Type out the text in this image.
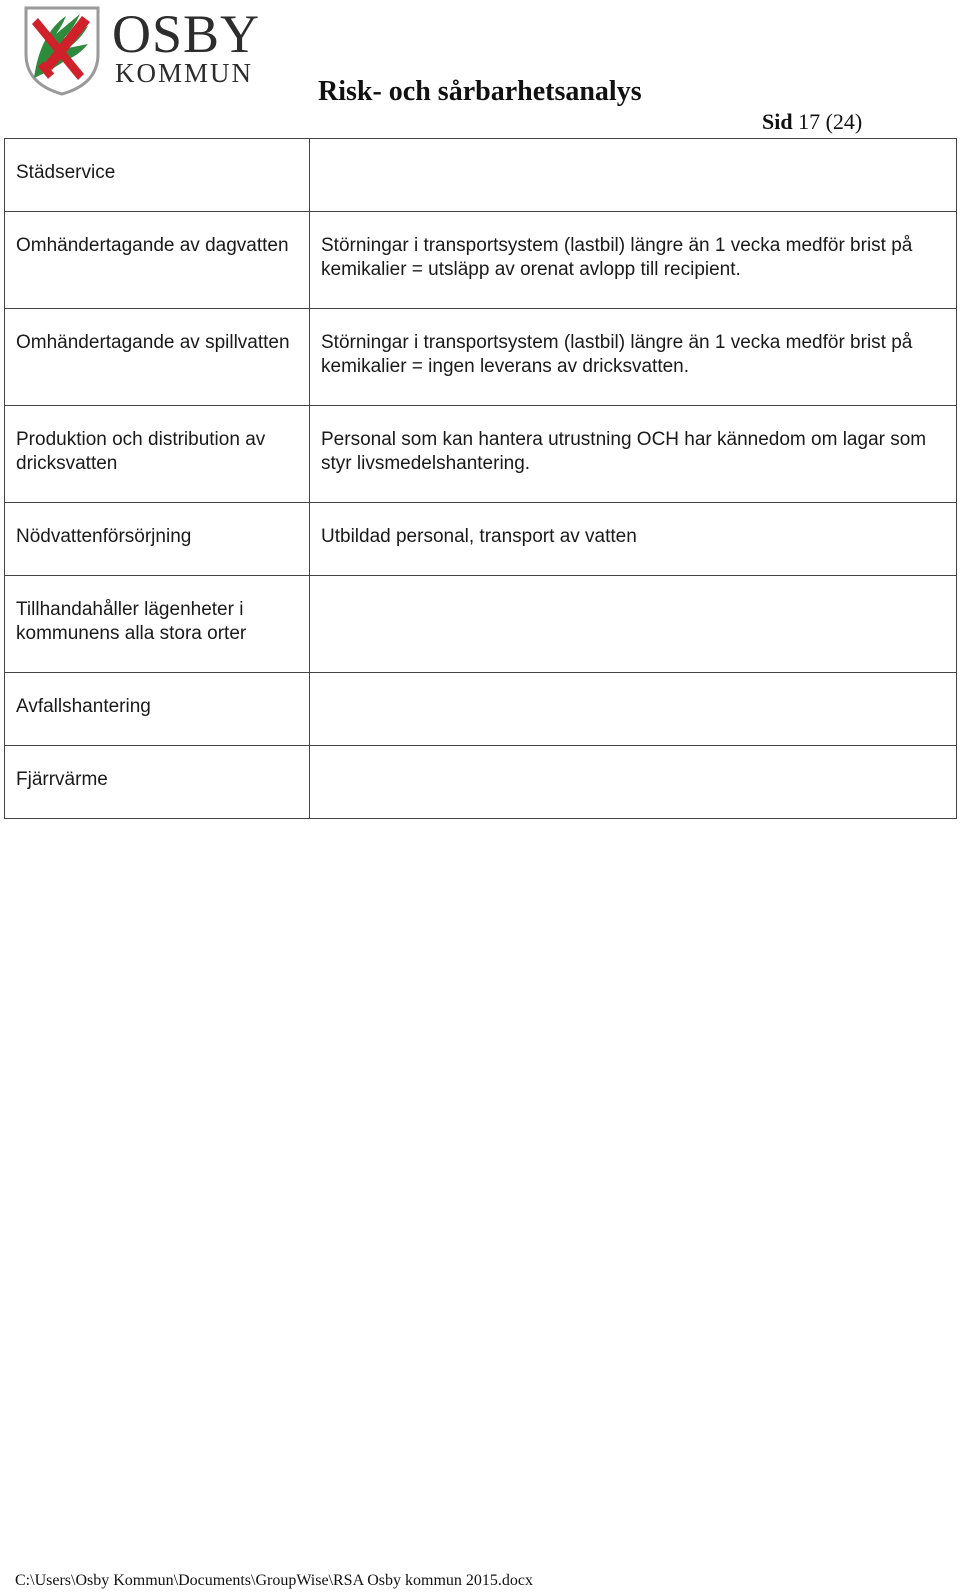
OSBY
KOMMUN
Risk- och sårbarhetsanalys
Sid 17 (24)
Städservice	
Omhändertagande av dagvatten	Störningar i transportsystem (lastbil) längre än 1 vecka medför brist på kemikalier = utsläpp av orenat avlopp till recipient.
Omhändertagande av spillvatten	Störningar i transportsystem (lastbil) längre än 1 vecka medför brist på kemikalier = ingen leverans av dricksvatten.
Produktion och distribution av dricksvatten	Personal som kan hantera utrustning OCH har kännedom om lagar som styr livsmedelshantering.
Nödvattenförsörjning	Utbildad personal, transport av vatten
Tillhandahåller lägenheter i kommunens alla stora orter	
Avfallshantering	
Fjärrvärme	
C:\Users\Osby Kommun\Documents\GroupWise\RSA Osby kommun 2015.docx
